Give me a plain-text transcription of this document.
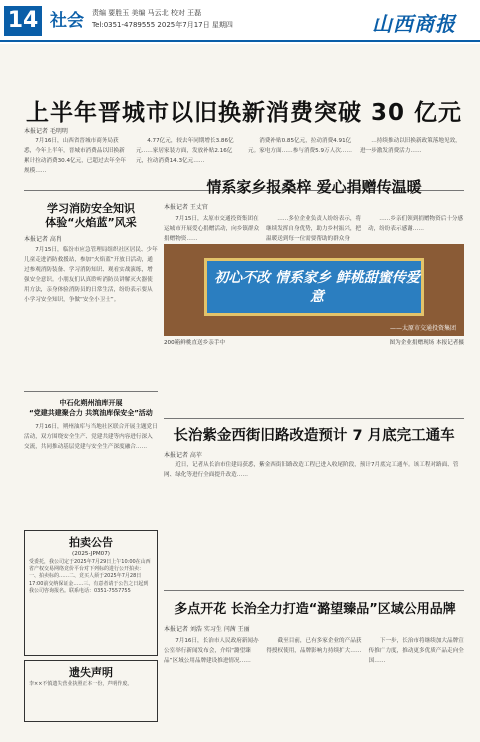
14 社会 责编 要胜玉 美编 马云北 校对 王磊
Tel:0351-4789555 2025年7月17日 星期四	山西商报
上半年晋城市以旧换新消费突破 30 亿元
本报记者 毛明明

7月16日，山西省晋城市商务局获悉，今年上半年，晋城市消费品以旧换新累计拉动消费30.4亿元，已超过去年全年规模……

4.77亿元，较去年同期增长3.86亿元……家居家装方面，发放补贴2.16亿元，拉动消费14.3亿元……

消费补贴0.85亿元，拉动消费4.91亿元。家电方面……参与消费5.9万人次……

…持续推动以旧换新政策落地见效，进一步激发消费活力……

学习消防安全知识
体验“火焰蓝”风采
本报记者 高肖

7月15日，临汾市应急管理局组织社区居民、少年儿童走进消防救援站，参加“火焰蓝”开放日活动，通过参观消防装备、学习消防知识、观看实战演练，增强安全意识。小朋友们认真聆听消防员讲解灭火器使用方法，亲身体验消防员的日常生活，纷纷表示要从小学习安全知识，争做“安全小卫士”。

中石化朔州油库开展
“党建共建聚合力 共筑油库保安全”活动

7月16日，朔州油库与当地社区联合开展主题党日活动，双方围绕安全生产、党建共建等内容进行深入交流，共同推动基层党建与安全生产深度融合……

情系家乡报桑梓 爱心捐赠传温暖
本报记者 王丈官

7月15日，太原市交通投资集团在运城市开展爱心捐赠活动，向乡镇群众捐赠物资……

……多位企业负责人纷纷表示，将继续发挥自身优势，助力乡村振兴，把温暖送到每一位需要帮助的群众身

……乡亲们领到捐赠物资后十分感动，纷纷表示感谢……

初心不改 情系家乡 鲜桃甜蜜传爱意
——太原市交通投资集团
200箱鲜桃直送乡亲手中	图为企业捐赠现场 本报记者摄
长治紫金西街旧路改造预计 7 月底完工通车
本报记者 高苹

近日，记者从长治市住建局获悉，紫金西街旧路改造工程已进入收尾阶段，预计7月底完工通车。该工程对路面、管网、绿化等进行全面提升改造……

拍卖公告
(2025-JPM07)

受委托，我公司定于2025年7月29日上午10:00在山西省产权交易网络竞价平台对下列标的进行公开拍卖：一、拍卖标的……二、竞买人须于2025年7月28日17:00前交纳保证金……三、有意者请于公告之日起到我公司咨询报名。联系电话：0351-7557755

遗失声明

李××不慎遗失营业执照正本一份，声明作废。

多点开花 长治全力打造“潞望臻品”区域公用品牌
本报记者 刘浩 实习生 闫茜 王丽

7月16日，长治市人民政府新闻办公室举行新闻发布会，介绍“潞望臻品”区域公用品牌建设推进情况……

截至目前，已有多家企业的产品获得授权使用，品牌影响力持续扩大……

下一步，长治市将继续加大品牌宣传推广力度，推动更多优质产品走向全国……
